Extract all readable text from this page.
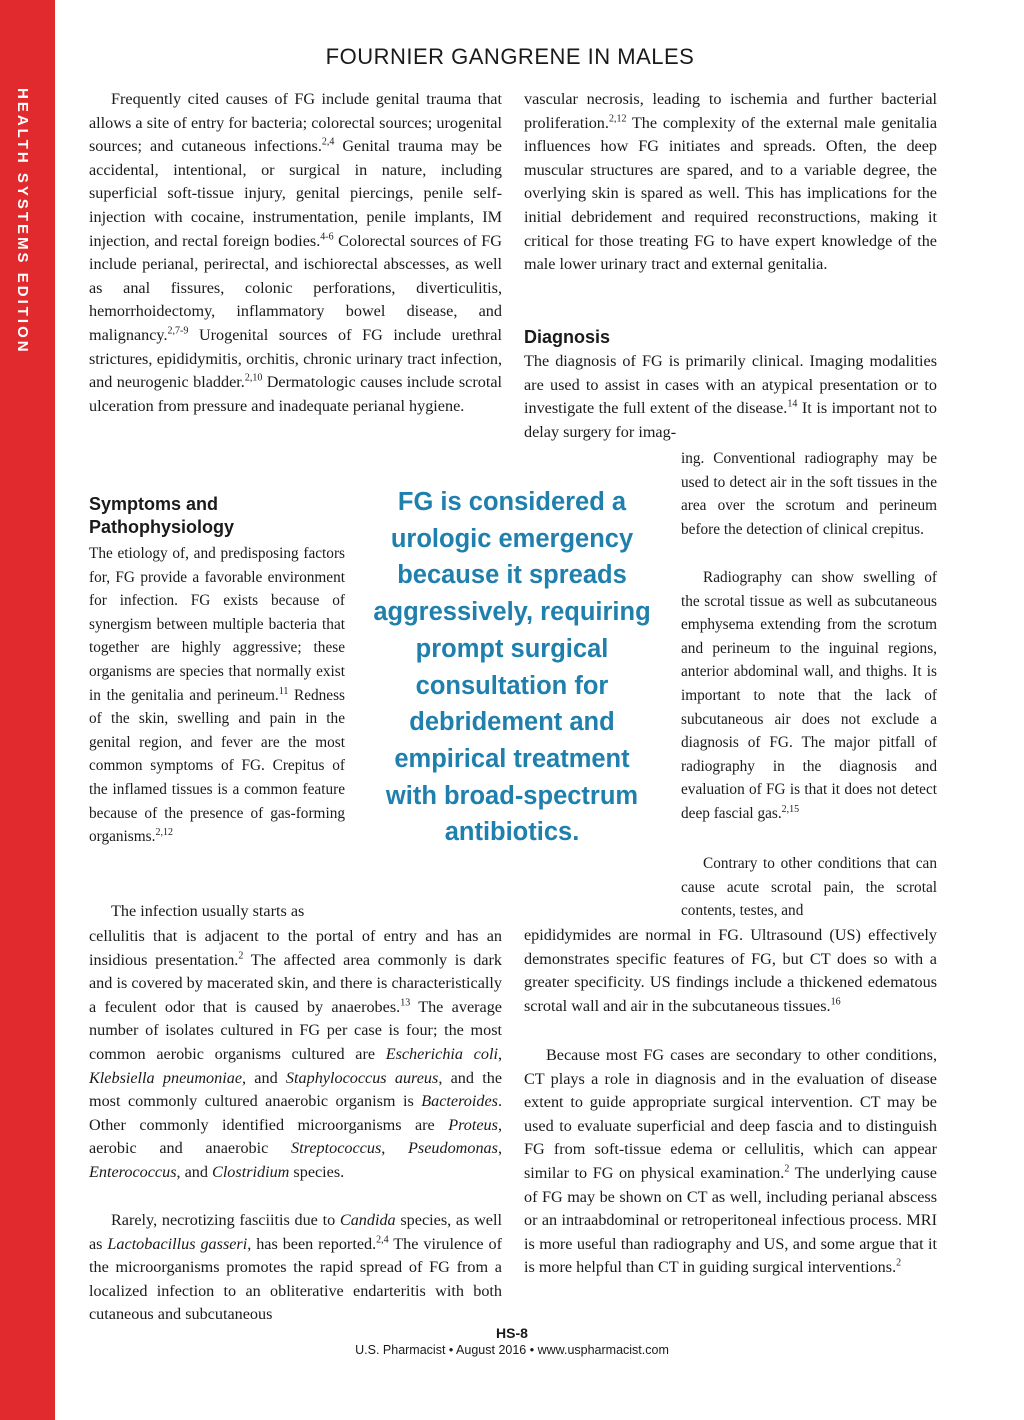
HEALTH SYSTEMS EDITION
FOURNIER GANGRENE IN MALES

Frequently cited causes of FG include genital trauma that allows a site of entry for bacteria; colorectal sources; urogenital sources; and cutaneous infections.$^{2,4}$ Genital trauma may be accidental, intentional, or surgical in nature, including superficial soft-tissue injury, genital piercings, penile self-injection with cocaine, instrumentation, penile implants, IM injection, and rectal foreign bodies.$^{4-6}$ Colorectal sources of FG include perianal, perirectal, and ischiorectal abscesses, as well as anal fissures, colonic perforations, diverticulitis, hemorrhoidectomy, inflammatory bowel disease, and malignancy.$^{2,7-9}$ Urogenital sources of FG include urethral strictures, epididymitis, orchitis, chronic urinary tract infection, and neurogenic bladder.$^{2,10}$ Dermatologic causes include scrotal ulceration from pressure and inadequate perianal hygiene.

Symptoms and Pathophysiology

The etiology of, and predisposing factors for, FG provide a favorable environment for infection. FG exists because of synergism between multiple bacteria that together are highly aggressive; these organisms are species that normally exist in the genitalia and perineum.$^{11}$ Redness of the skin, swelling and pain in the genital region, and fever are the most common symptoms of FG. Crepitus of the inflamed tissues is a common feature because of the presence of gas-forming organisms.$^{2,12}$

The infection usually starts as

cellulitis that is adjacent to the portal of entry and has an insidious presentation.$^2$ The affected area commonly is dark and is covered by macerated skin, and there is characteristically a feculent odor that is caused by anaerobes.$^{13}$ The average number of isolates cultured in FG per case is four; the most common aerobic organisms cultured are Escherichia coli, Klebsiella pneumoniae, and Staphylococcus aureus, and the most commonly cultured anaerobic organism is Bacteroides. Other commonly identified microorganisms are Proteus, aerobic and anaerobic Streptococcus, Pseudomonas, Enterococcus, and Clostridium species.

Rarely, necrotizing fasciitis due to Candida species, as well as Lactobacillus gasseri, has been reported.$^{2,4}$ The virulence of the microorganisms promotes the rapid spread of FG from a localized infection to an obliterative endarteritis with both cutaneous and subcutaneous

FG is considered a urologic emergency because it spreads aggressively, requiring prompt surgical consultation for debridement and empirical treatment with broad-spectrum antibiotics.

vascular necrosis, leading to ischemia and further bacterial proliferation.$^{2,12}$ The complexity of the external male genitalia influences how FG initiates and spreads. Often, the deep muscular structures are spared, and to a variable degree, the overlying skin is spared as well. This has implications for the initial debridement and required reconstructions, making it critical for those treating FG to have expert knowledge of the male lower urinary tract and external genitalia.

Diagnosis

The diagnosis of FG is primarily clinical. Imaging modalities are used to assist in cases with an atypical presentation or to investigate the full extent of the disease.$^{14}$ It is important not to delay surgery for imag-

ing. Conventional radiography may be used to detect air in the soft tissues in the area over the scrotum and perineum before the detection of clinical crepitus.

Radiography can show swelling of the scrotal tissue as well as subcutaneous emphysema extending from the scrotum and perineum to the inguinal regions, anterior abdominal wall, and thighs. It is important to note that the lack of subcutaneous air does not exclude a diagnosis of FG. The major pitfall of radiography in the diagnosis and evaluation of FG is that it does not detect deep fascial gas.$^{2,15}$

Contrary to other conditions that can cause acute scrotal pain, the scrotal contents, testes, and

epididymides are normal in FG. Ultrasound (US) effectively demonstrates specific features of FG, but CT does so with a greater specificity. US findings include a thickened edematous scrotal wall and air in the subcutaneous tissues.$^{16}$

Because most FG cases are secondary to other conditions, CT plays a role in diagnosis and in the evaluation of disease extent to guide appropriate surgical intervention. CT may be used to evaluate superficial and deep fascia and to distinguish FG from soft-tissue edema or cellulitis, which can appear similar to FG on physical examination.$^2$ The underlying cause of FG may be shown on CT as well, including perianal abscess or an intraabdominal or retroperitoneal infectious process. MRI is more useful than radiography and US, and some argue that it is more helpful than CT in guiding surgical interventions.$^2$

HS-8
U.S. Pharmacist • August 2016 • www.uspharmacist.com
